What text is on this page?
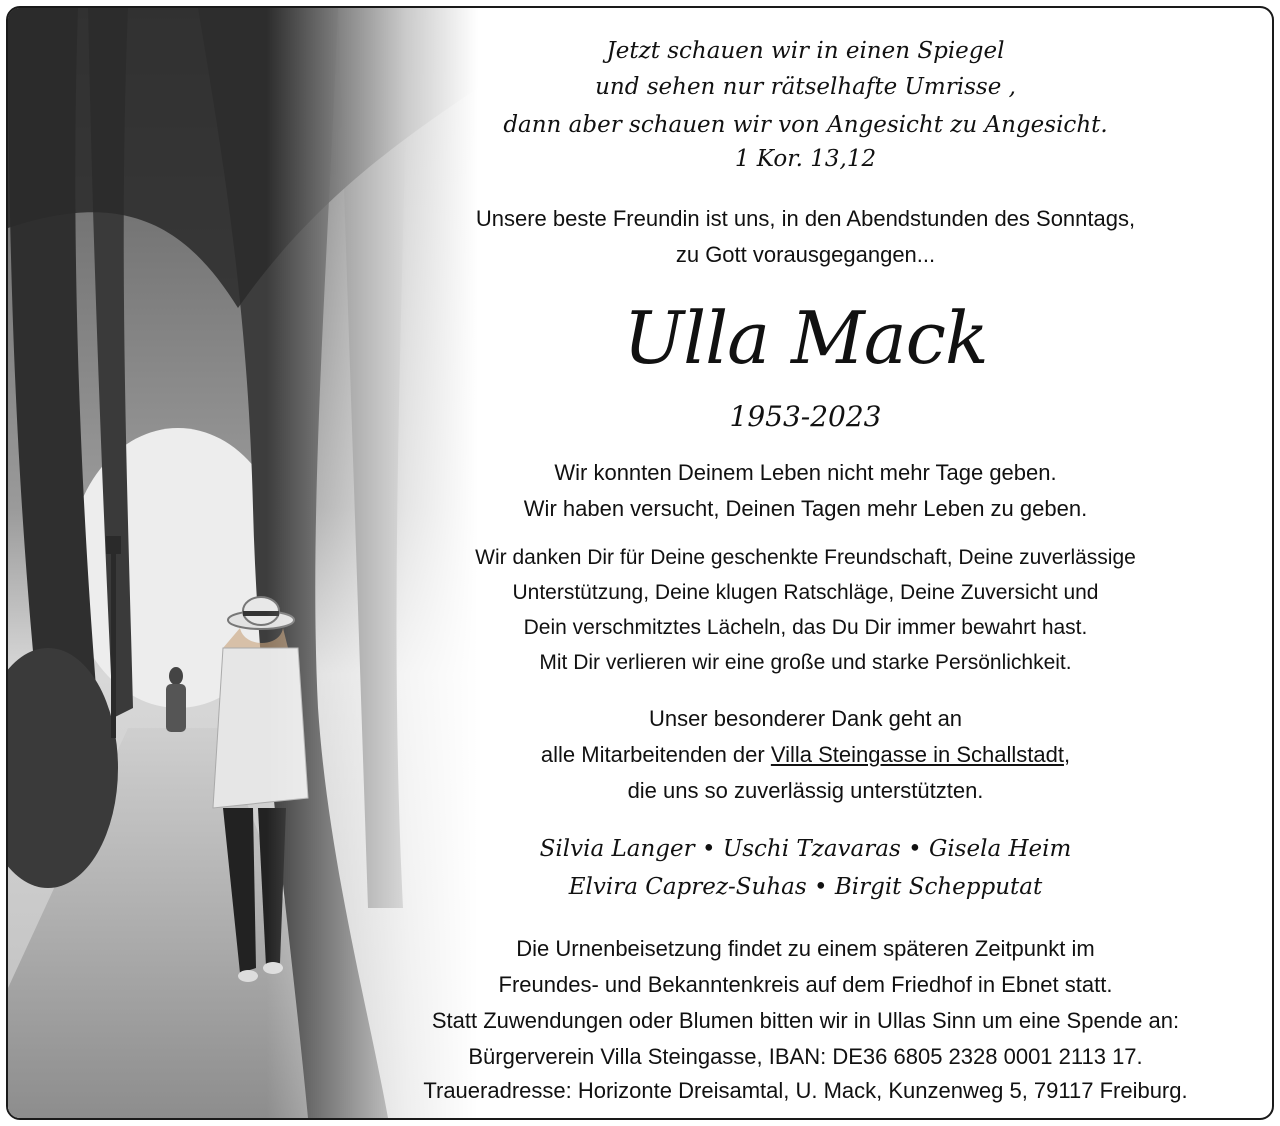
Jetzt schauen wir in einen Spiegel
und sehen nur rätselhafte Umrisse ,
dann aber schauen wir von Angesicht zu Angesicht.
1 Kor. 13,12
Unsere beste Freundin ist uns, in den Abendstunden des Sonntags,
zu Gott vorausgegangen...
Ulla Mack
1953-2023
Wir konnten Deinem Leben nicht mehr Tage geben.
Wir haben versucht, Deinen Tagen mehr Leben zu geben.
Wir danken Dir für Deine geschenkte Freundschaft, Deine zuverlässige
Unterstützung, Deine klugen Ratschläge, Deine Zuversicht und
Dein verschmitztes Lächeln, das Du Dir immer bewahrt hast.
Mit Dir verlieren wir eine große und starke Persönlichkeit.
Unser besonderer Dank geht an
alle Mitarbeitenden der Villa Steingasse in Schallstadt,
die uns so zuverlässig unterstützten.
Silvia Langer • Uschi Tzavaras • Gisela Heim
Elvira Caprez-Suhas • Birgit Schepputat
Die Urnenbeisetzung findet zu einem späteren Zeitpunkt im
Freundes- und Bekanntenkreis auf dem Friedhof in Ebnet statt.
Statt Zuwendungen oder Blumen bitten wir in Ullas Sinn um eine Spende an:
Bürgerverein Villa Steingasse, IBAN: DE36 6805 2328 0001 2113 17.
Traueradresse: Horizonte Dreisamtal, U. Mack, Kunzenweg 5, 79117 Freiburg.
